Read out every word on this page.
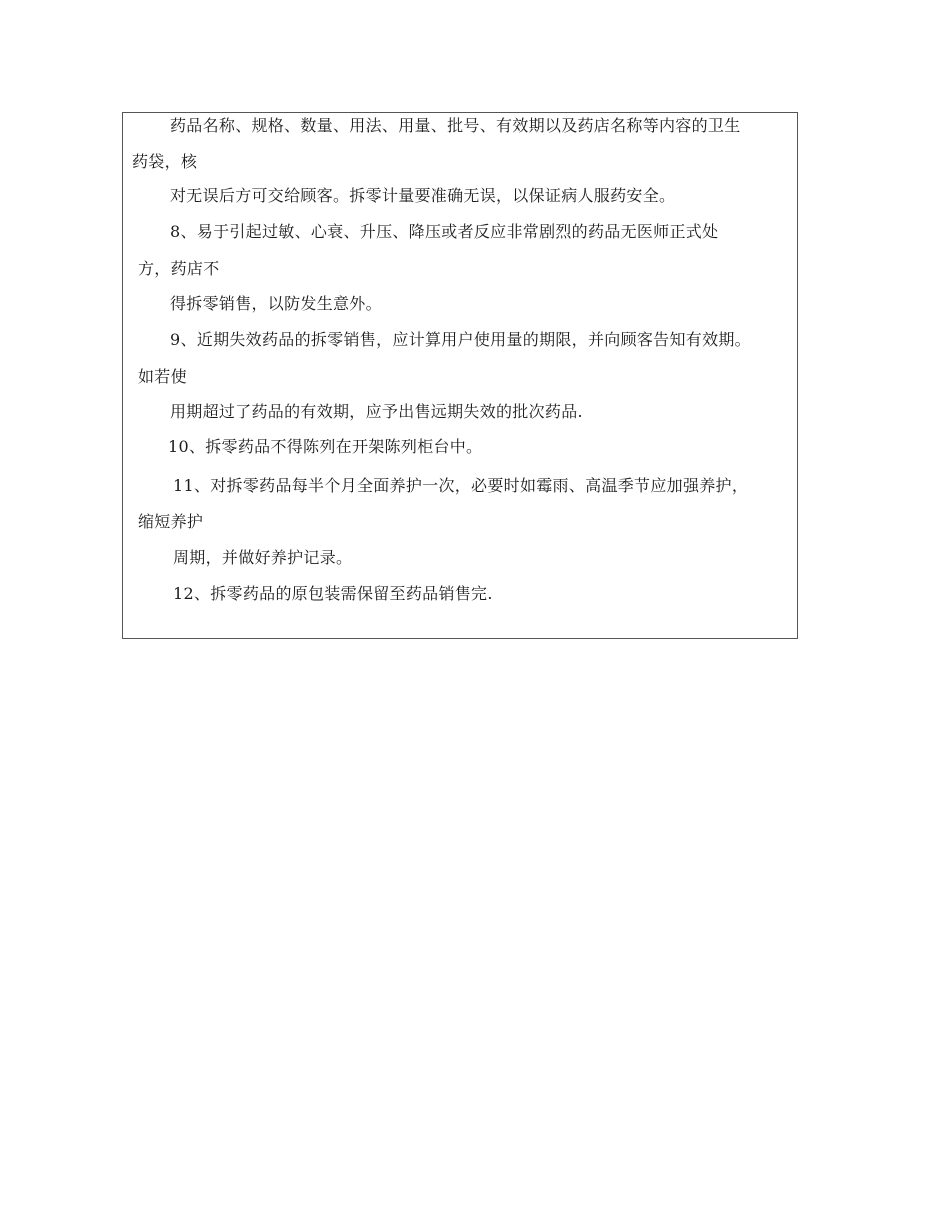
药品名称、规格、数量、用法、用量、批号、有效期以及药店名称等内容的卫生
药袋，核
对无误后方可交给顾客。拆零计量要准确无误，以保证病人服药安全。
8、易于引起过敏、心衰、升压、降压或者反应非常剧烈的药品无医师正式处
方，药店不
得拆零销售，以防发生意外。
9、近期失效药品的拆零销售，应计算用户使用量的期限，并向顾客告知有效期。
如若使
用期超过了药品的有效期，应予出售远期失效的批次药品.
10、拆零药品不得陈列在开架陈列柜台中。
11、对拆零药品每半个月全面养护一次，必要时如霉雨、高温季节应加强养护，
缩短养护
周期，并做好养护记录。
12、拆零药品的原包装需保留至药品销售完.
